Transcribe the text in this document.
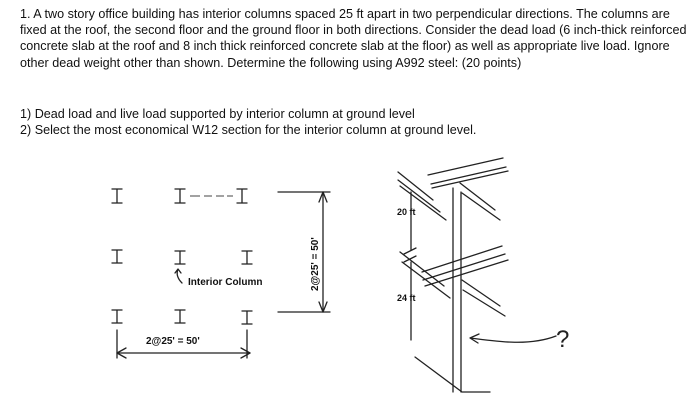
1. A two story office building has interior columns spaced 25 ft apart in two perpendicular directions. The columns are fixed at the roof, the second floor and the ground floor in both directions. Consider the dead load (6 inch-thick reinforced concrete slab at the roof and 8 inch thick reinforced concrete slab at the floor) as well as appropriate live load. Ignore other dead weight other than shown. Determine the following using A992 steel: (20 points)

1) Dead load and live load supported by interior column at ground level
2) Select the most economical W12 section for the interior column at ground level.
Interior Column
2@25' = 50'
2@25' = 50'
20 ft
24 ft
?
